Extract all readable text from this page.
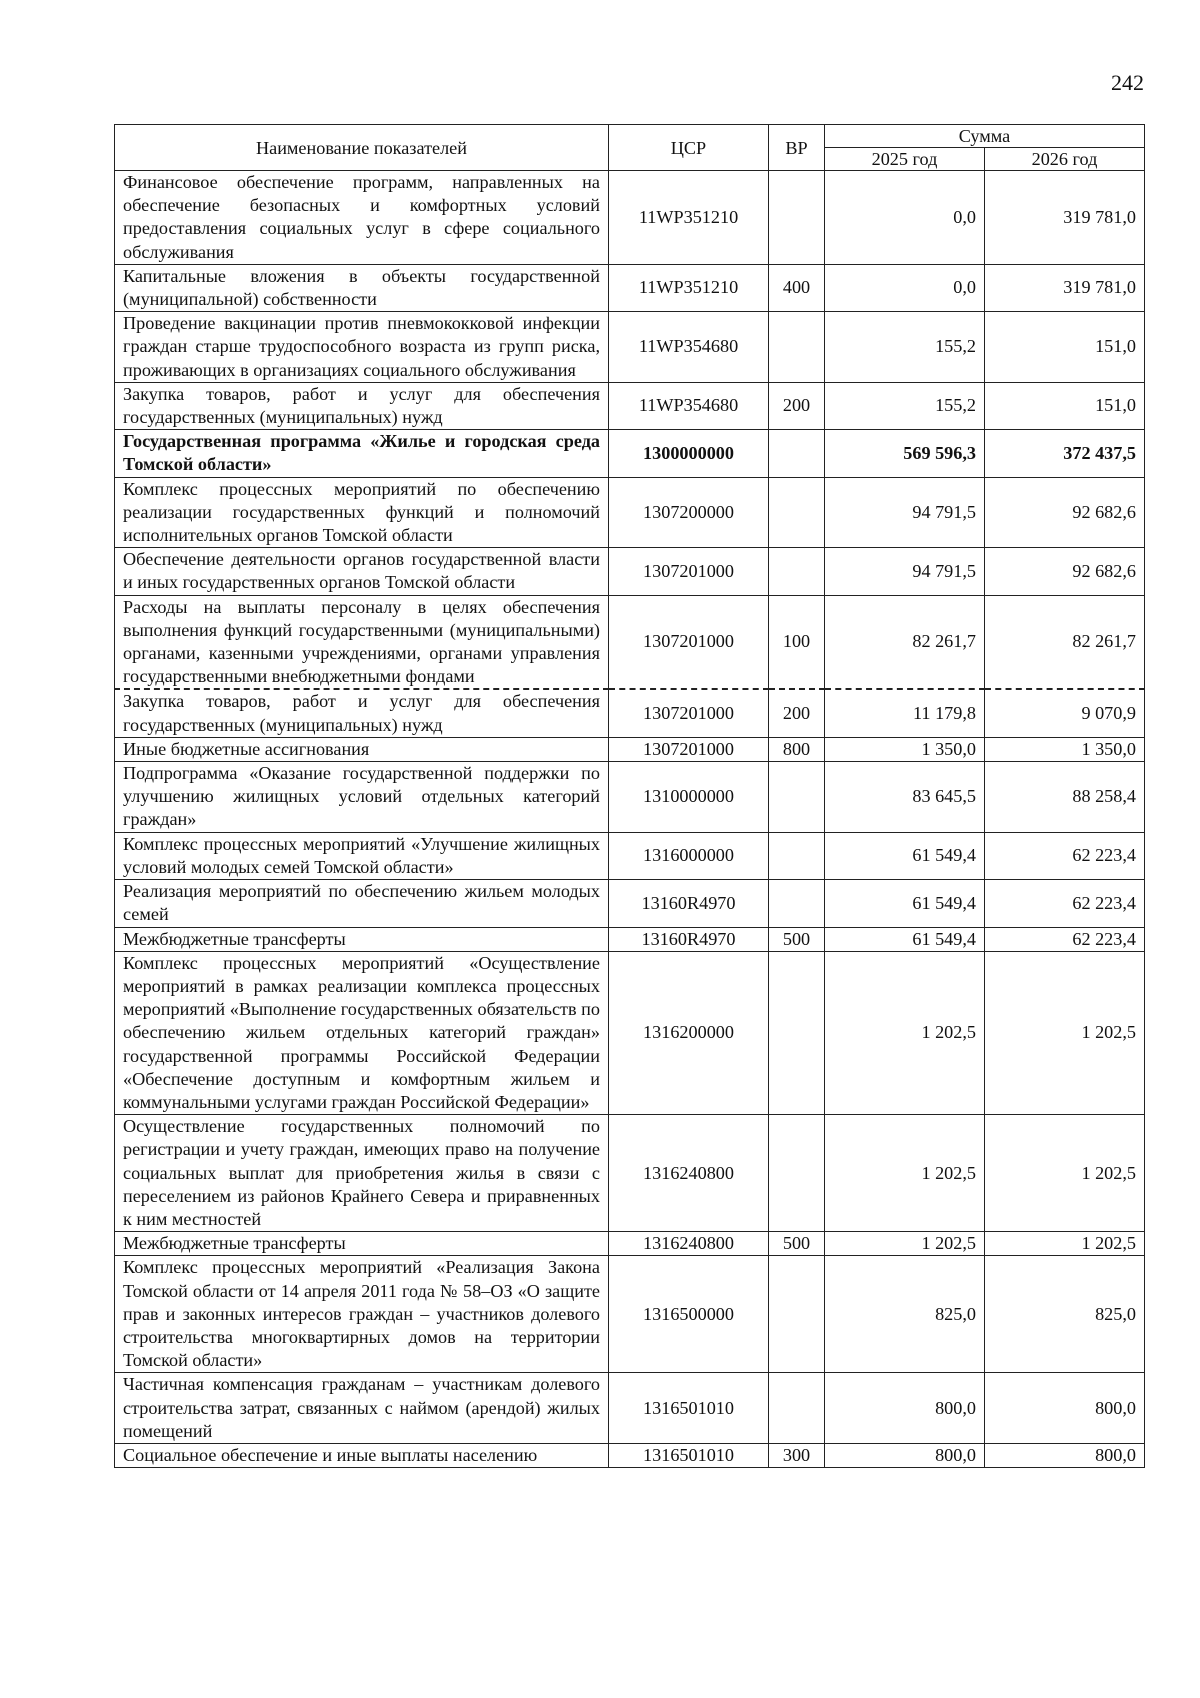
242
Наименование показателей	ЦСР	ВР	Сумма	
			2025 год	2026 год
Финансовое обеспечение программ, направленных на обеспечение безопасных и комфортных условий предоставления социальных услуг в сфере социального обслуживания	11WP351210		0,0	319 781,0
Капитальные вложения в объекты государственной (муниципальной) собственности	11WP351210	400	0,0	319 781,0
Проведение вакцинации против пневмококковой инфекции граждан старше трудоспособного возраста из групп риска, проживающих в организациях социального обслуживания	11WP354680		155,2	151,0
Закупка товаров, работ и услуг для обеспечения государственных (муниципальных) нужд	11WP354680	200	155,2	151,0
Государственная программа «Жилье и городская среда Томской области»	1300000000		569 596,3	372 437,5
Комплекс процессных мероприятий по обеспечению реализации государственных функций и полномочий исполнительных органов Томской области	1307200000		94 791,5	92 682,6
Обеспечение деятельности органов государственной власти и иных государственных органов Томской области	1307201000		94 791,5	92 682,6
Расходы на выплаты персоналу в целях обеспечения выполнения функций государственными (муниципальными) органами, казенными учреждениями, органами управления государственными внебюджетными фондами	1307201000	100	82 261,7	82 261,7
Закупка товаров, работ и услуг для обеспечения государственных (муниципальных) нужд	1307201000	200	11 179,8	9 070,9
Иные бюджетные ассигнования	1307201000	800	1 350,0	1 350,0
Подпрограмма «Оказание государственной поддержки по улучшению жилищных условий отдельных категорий граждан»	1310000000		83 645,5	88 258,4
Комплекс процессных мероприятий «Улучшение жилищных условий молодых семей Томской области»	1316000000		61 549,4	62 223,4
Реализация мероприятий по обеспечению жильем молодых семей	13160R4970		61 549,4	62 223,4
Межбюджетные трансферты	13160R4970	500	61 549,4	62 223,4
Комплекс процессных мероприятий «Осуществление мероприятий в рамках реализации комплекса процессных мероприятий «Выполнение государственных обязательств по обеспечению жильем отдельных категорий граждан» государственной программы Российской Федерации «Обеспечение доступным и комфортным жильем и коммунальными услугами граждан Российской Федерации»	1316200000		1 202,5	1 202,5
Осуществление государственных полномочий по регистрации и учету граждан, имеющих право на получение социальных выплат для приобретения жилья в связи с переселением из районов Крайнего Севера и приравненных к ним местностей	1316240800		1 202,5	1 202,5
Межбюджетные трансферты	1316240800	500	1 202,5	1 202,5
Комплекс процессных мероприятий «Реализация Закона Томской области от 14 апреля 2011 года № 58–ОЗ «О защите прав и законных интересов граждан – участников долевого строительства многоквартирных домов на территории Томской области»	1316500000		825,0	825,0
Частичная компенсация гражданам – участникам долевого строительства затрат, связанных с наймом (арендой) жилых помещений	1316501010		800,0	800,0
Социальное обеспечение и иные выплаты населению	1316501010	300	800,0	800,0
